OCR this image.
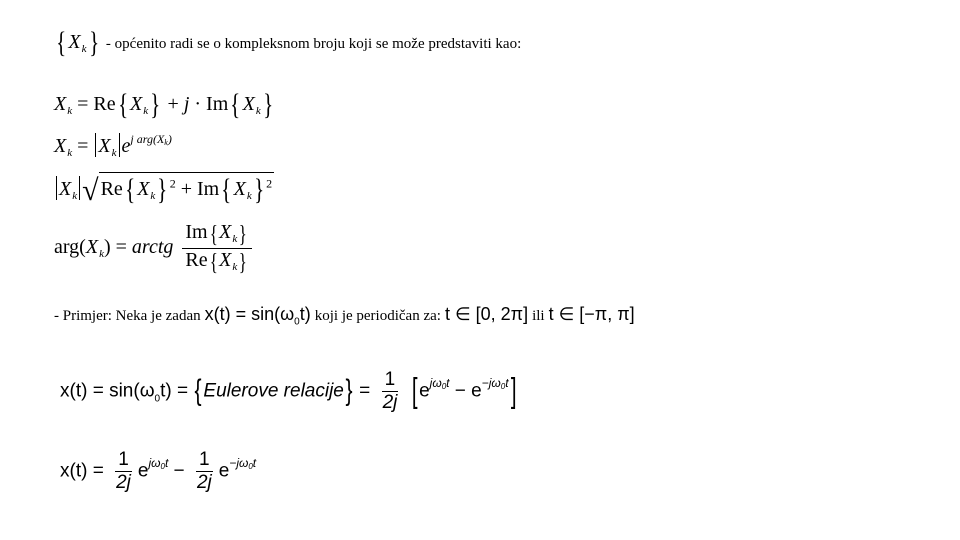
{ $X_k$} - općenito radi se o kompleksnom broju koji se može predstaviti kao:
$X_k = Re${ $X_k\} + j \cdot Im${ $X_k$}
$X_k = X_k$ $e^{j arg(X_k)}$
$X_k$ √ Re{ $X_k$} $^2$ + Im{ $X_k$} $^2$
$arg(X_k)$ = arctg $\frac{Im\{X_k\}}{Re\{X_k\}}$
- Primjer: Neka je zadan $x(t) = \sin(\omega_0t)$ koji je periodičan za: t ∈ [0, 2π] ili t ∈ [−π, π]
$x(t) = \sin(\omega_0t)$ = {Eulerove relacije} = $\frac{1}{2j} [e^{j\omega_0t} - e^{-j\omega_0t}]$
$x(t) = \frac{1}{2j} e^{j\omega_0t} - \frac{1}{2j} e^{-j\omega_0t}$
